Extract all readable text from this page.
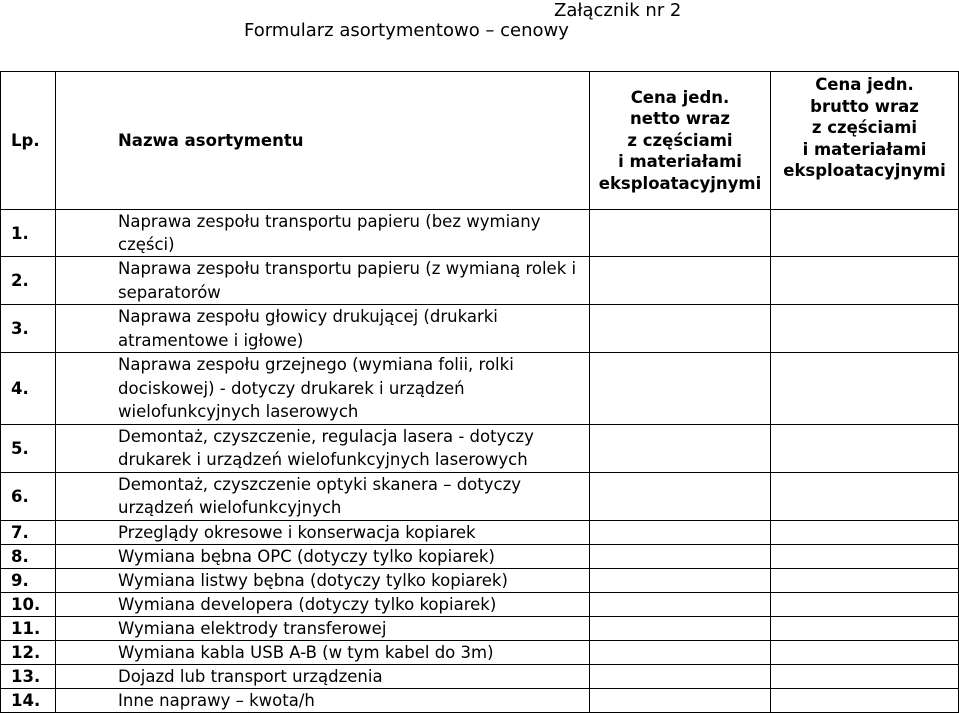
Załącznik nr 2
Formularz asortymentowo – cenowy
Lp.	Nazwa asortymentu	Cena jedn.
netto wraz
z częściami
i materiałami
eksploatacyjnymi	Cena jedn.
brutto wraz
z częściami
i materiałami
eksploatacyjnymi

1.	Naprawa zespołu transportu papieru (bez wymiany części)		
2.	Naprawa zespołu transportu papieru (z wymianą rolek i separatorów		
3.	Naprawa zespołu głowicy drukującej (drukarki atramentowe i igłowe)		
4.	Naprawa zespołu grzejnego (wymiana folii, rolki dociskowej) - dotyczy drukarek i urządzeń wielofunkcyjnych laserowych		
5.	Demontaż, czyszczenie, regulacja lasera - dotyczy drukarek i urządzeń wielofunkcyjnych laserowych		
6.	Demontaż, czyszczenie optyki skanera – dotyczy urządzeń wielofunkcyjnych		
7.	Przeglądy okresowe i konserwacja kopiarek		
8.	Wymiana bębna OPC (dotyczy tylko kopiarek)		
9.	Wymiana listwy bębna (dotyczy tylko kopiarek)		
10.	Wymiana developera (dotyczy tylko kopiarek)		
11.	Wymiana elektrody transferowej		
12.	Wymiana kabla USB A-B (w tym kabel do 3m)		
13.	Dojazd lub transport urządzenia		
14.	Inne naprawy – kwota/h		
